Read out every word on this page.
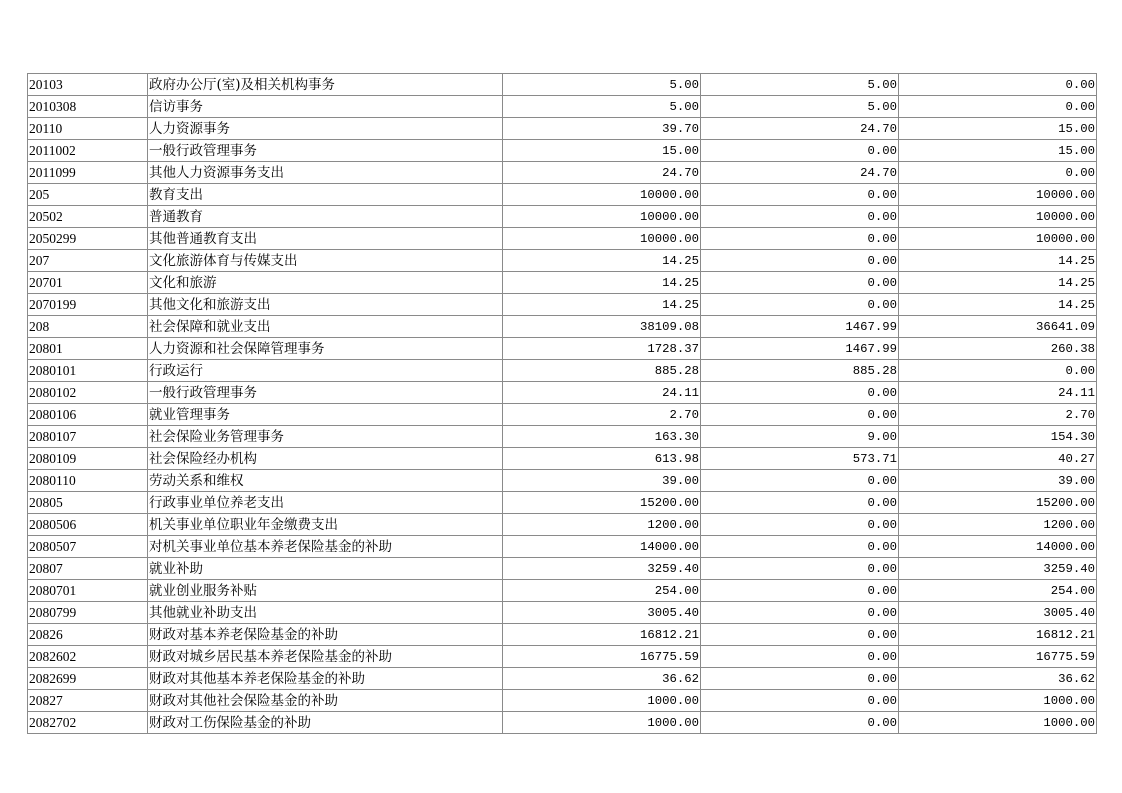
20103	政府办公厅(室)及相关机构事务	5.00	5.00	0.00
2010308	信访事务	5.00	5.00	0.00
20110	人力资源事务	39.70	24.70	15.00
2011002	一般行政管理事务	15.00	0.00	15.00
2011099	其他人力资源事务支出	24.70	24.70	0.00
205	教育支出	10000.00	0.00	10000.00
20502	普通教育	10000.00	0.00	10000.00
2050299	其他普通教育支出	10000.00	0.00	10000.00
207	文化旅游体育与传媒支出	14.25	0.00	14.25
20701	文化和旅游	14.25	0.00	14.25
2070199	其他文化和旅游支出	14.25	0.00	14.25
208	社会保障和就业支出	38109.08	1467.99	36641.09
20801	人力资源和社会保障管理事务	1728.37	1467.99	260.38
2080101	行政运行	885.28	885.28	0.00
2080102	一般行政管理事务	24.11	0.00	24.11
2080106	就业管理事务	2.70	0.00	2.70
2080107	社会保险业务管理事务	163.30	9.00	154.30
2080109	社会保险经办机构	613.98	573.71	40.27
2080110	劳动关系和维权	39.00	0.00	39.00
20805	行政事业单位养老支出	15200.00	0.00	15200.00
2080506	机关事业单位职业年金缴费支出	1200.00	0.00	1200.00
2080507	对机关事业单位基本养老保险基金的补助	14000.00	0.00	14000.00
20807	就业补助	3259.40	0.00	3259.40
2080701	就业创业服务补贴	254.00	0.00	254.00
2080799	其他就业补助支出	3005.40	0.00	3005.40
20826	财政对基本养老保险基金的补助	16812.21	0.00	16812.21
2082602	财政对城乡居民基本养老保险基金的补助	16775.59	0.00	16775.59
2082699	财政对其他基本养老保险基金的补助	36.62	0.00	36.62
20827	财政对其他社会保险基金的补助	1000.00	0.00	1000.00
2082702	财政对工伤保险基金的补助	1000.00	0.00	1000.00
